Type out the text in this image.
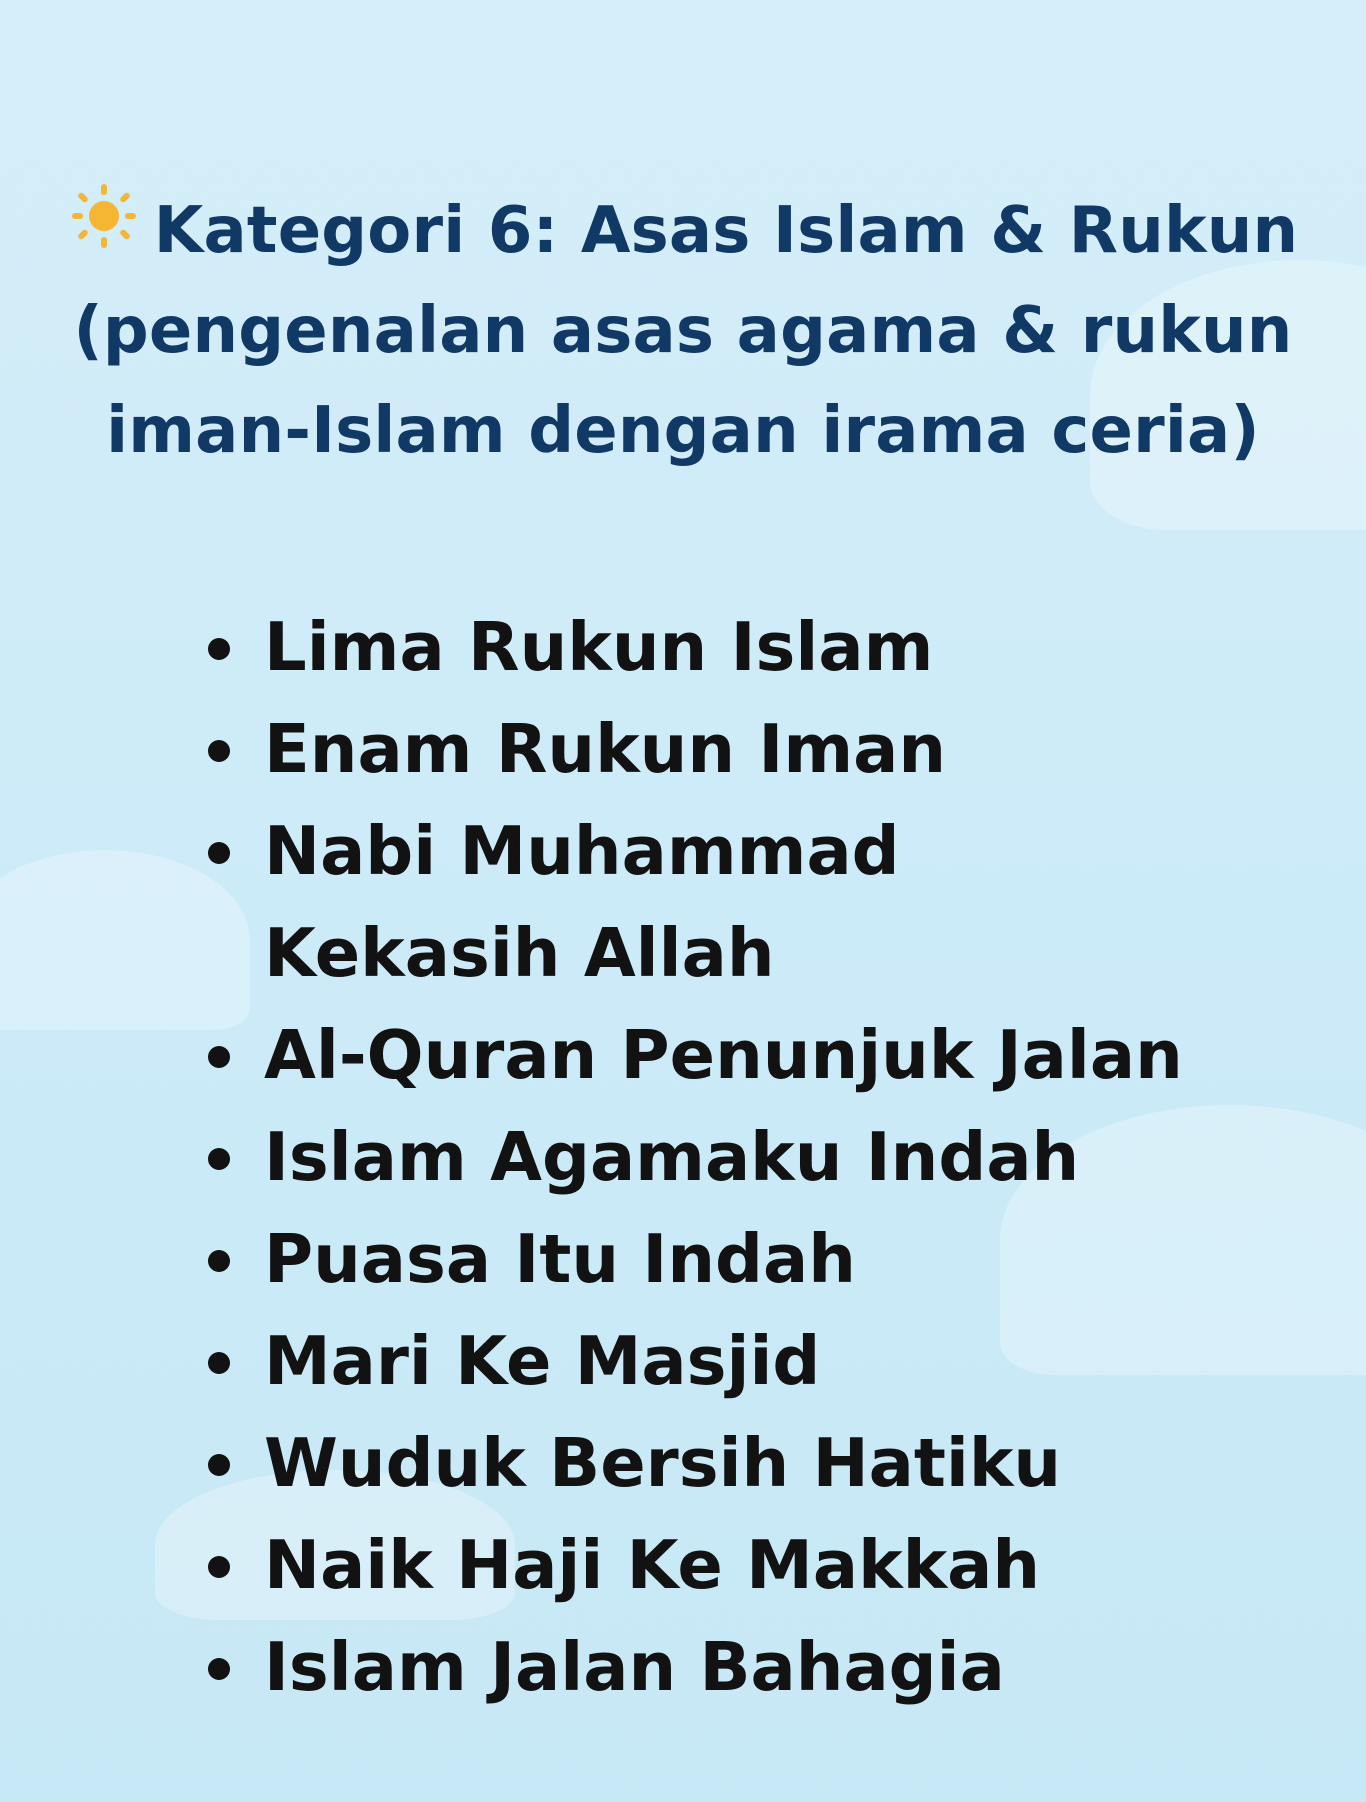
Kategori 6: Asas Islam & Rukun
(pengenalan asas agama & rukun
iman-Islam dengan irama ceria)
Lima Rukun Islam
Enam Rukun Iman
Nabi Muhammad Kekasih Allah
Al-Quran Penunjuk Jalan
Islam Agamaku Indah
Puasa Itu Indah
Mari Ke Masjid
Wuduk Bersih Hatiku
Naik Haji Ke Makkah
Islam Jalan Bahagia
